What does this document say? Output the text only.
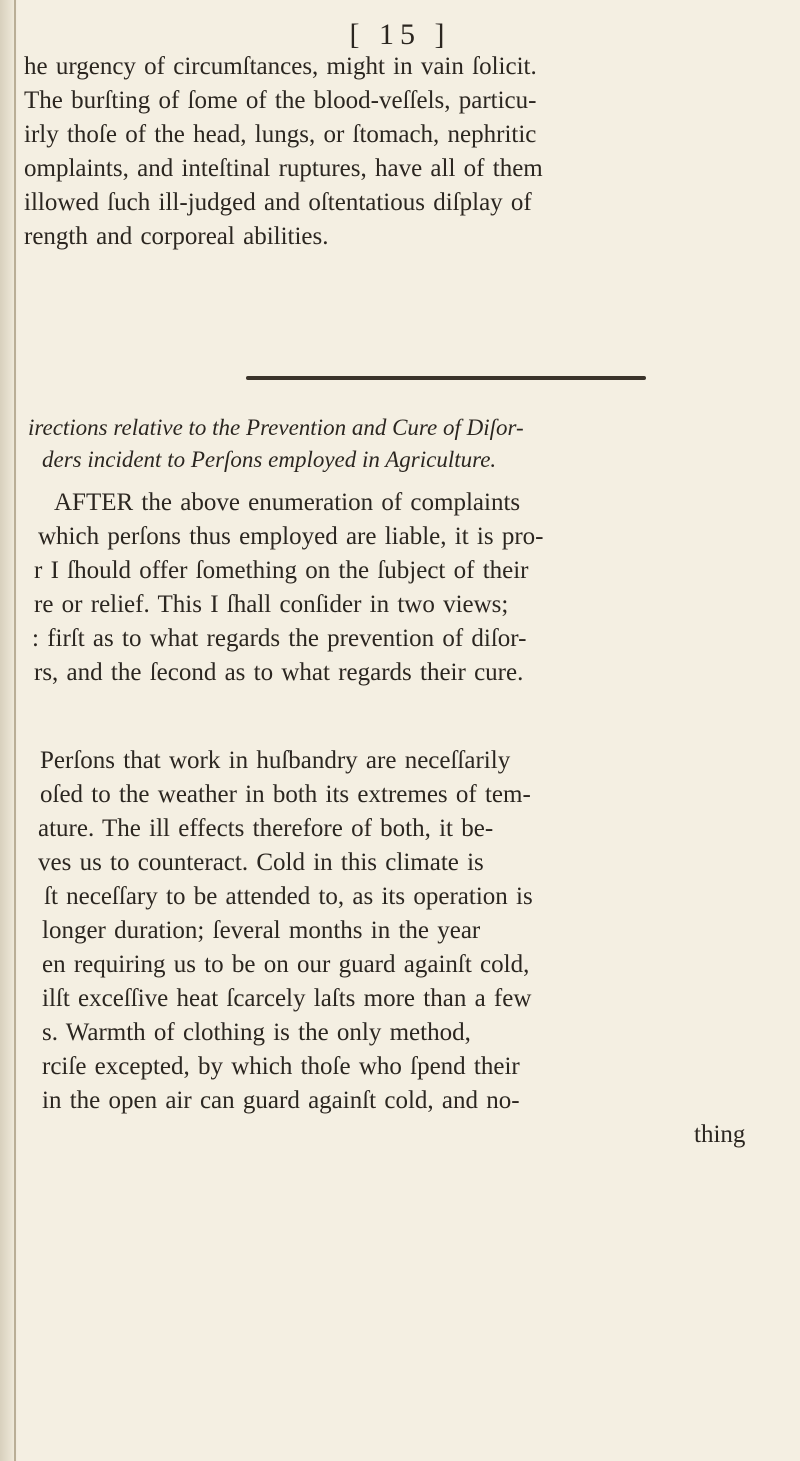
[ 15 ]

he urgency of circumſtances, might in vain ſolicit.
The burſting of ſome of the blood-veſſels, particu-
irly thoſe of the head, lungs, or ſtomach, nephritic
omplaints, and inteſtinal ruptures, have all of them
illowed ſuch ill-judged and oſtentatious diſplay of
rength and corporeal abilities.

irections relative to the Prevention and Cure of Diſor-
ders incident to Perſons employed in Agriculture.

AFTER the above enumeration of complaints
which perſons thus employed are liable, it is pro-
r I ſhould offer ſomething on the ſubject of their
re or relief. This I ſhall conſider in two views;
: firſt as to what regards the prevention of diſor-
rs, and the ſecond as to what regards their cure.

Perſons that work in huſbandry are neceſſarily
oſed to the weather in both its extremes of tem-
ature. The ill effects therefore of both, it be-
ves us to counteract. Cold in this climate is
ſt neceſſary to be attended to, as its operation is
longer duration; ſeveral months in the year
en requiring us to be on our guard againſt cold,
ilſt exceſſive heat ſcarcely laſts more than a few
s. Warmth of clothing is the only method,
rciſe excepted, by which thoſe who ſpend their
in the open air can guard againſt cold, and no-
thing
